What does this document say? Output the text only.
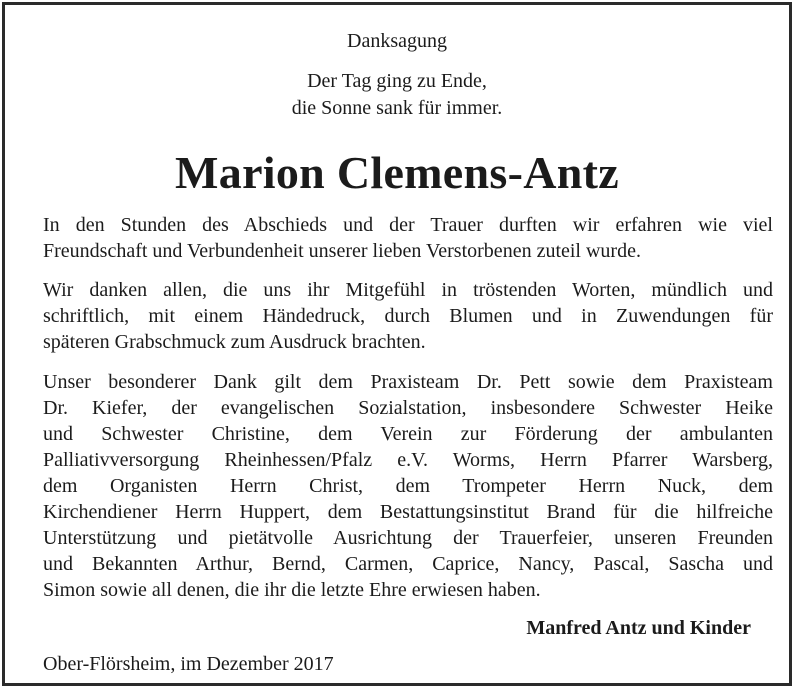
Danksagung
Der Tag ging zu Ende,
die Sonne sank für immer.
Marion Clemens-Antz
In den Stunden des Abschieds und der Trauer durften wir erfahren wie viel
Freundschaft und Verbundenheit unserer lieben Verstorbenen zuteil wurde.
Wir danken allen, die uns ihr Mitgefühl in tröstenden Worten, mündlich und
schriftlich, mit einem Händedruck, durch Blumen und in Zuwendungen für
späteren Grabschmuck zum Ausdruck brachten.
Unser besonderer Dank gilt dem Praxisteam Dr. Pett sowie dem Praxisteam
Dr. Kiefer, der evangelischen Sozialstation, insbesondere Schwester Heike
und Schwester Christine, dem Verein zur Förderung der ambulanten
Palliativversorgung Rheinhessen/Pfalz e.V. Worms, Herrn Pfarrer Warsberg,
dem Organisten Herrn Christ, dem Trompeter Herrn Nuck, dem
Kirchendiener Herrn Huppert, dem Bestattungsinstitut Brand für die hilfreiche
Unterstützung und pietätvolle Ausrichtung der Trauerfeier, unseren Freunden
und Bekannten Arthur, Bernd, Carmen, Caprice, Nancy, Pascal, Sascha und
Simon sowie all denen, die ihr die letzte Ehre erwiesen haben.
Manfred Antz und Kinder
Ober-Flörsheim, im Dezember 2017
